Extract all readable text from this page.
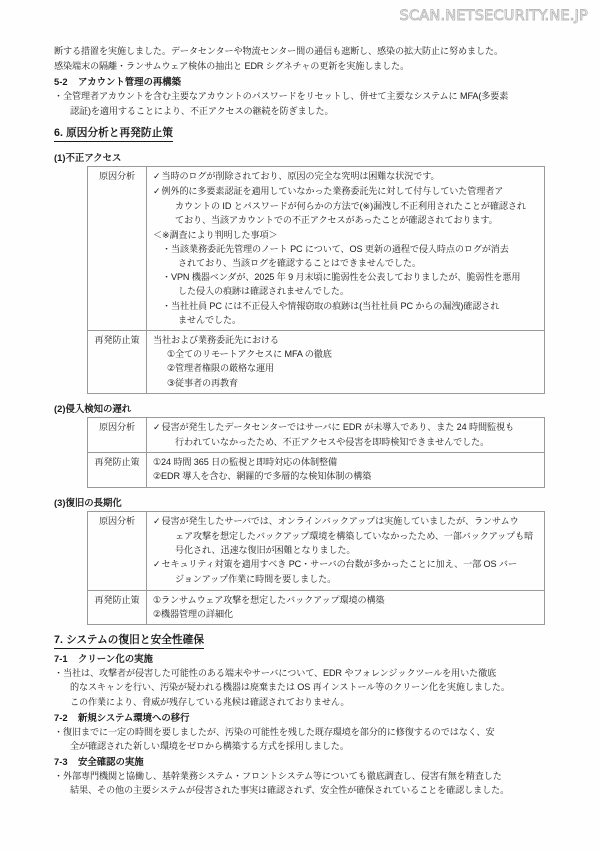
SCAN.NETSECURITY.NE.JP

断する措置を実施しました。データセンターや物流センター間の通信も遮断し、感染の拡大防止に努めました。

感染端末の隔離・ランサムウェア検体の抽出と EDR シグネチャの更新を実施しました。

5-2 アカウント管理の再構築

・全管理者アカウントを含む主要なアカウントのパスワードをリセットし、併せて主要なシステムに MFA(多要素
認証)を適用することにより、不正アクセスの継続を防ぎました。

6. 原因分析と再発防止策
(1)不正アクセス
原因分析	✓当時のログが削除されており、原因の完全な究明は困難な状況です。

✓例外的に多要素認証を適用していなかった業務委託先に対して付与していた管理者ア
カウントの ID とパスワードが何らかの方法で(※)漏洩し不正利用されたことが確認され
ており、当該アカウントでの不正アクセスがあったことが確認されております。

＜※調査により判明した事項＞

・当該業務委託先管理のノート PC について、OS 更新の過程で侵入時点のログが消去
されており、当該ログを確認することはできませんでした。

・VPN 機器ベンダが、2025 年 9 月末頃に脆弱性を公表しておりましたが、脆弱性を悪用
した侵入の痕跡は確認されませんでした。

・当社社員 PC には不正侵入や情報窃取の痕跡は(当社社員 PC からの漏洩)確認され
ませんでした。

再発防止策	当社および業務委託先における

①全てのリモートアクセスに MFA の徹底

②管理者権限の厳格な運用

③従事者の再教育

(2)侵入検知の遅れ
原因分析	✓侵害が発生したデータセンターではサーバに EDR が未導入であり、また 24 時間監視も
行われていなかったため、不正アクセスや侵害を即時検知できませんでした。

再発防止策	①24 時間 365 日の監視と即時対応の体制整備

②EDR 導入を含む、網羅的で多層的な検知体制の構築

(3)復旧の長期化
原因分析	✓侵害が発生したサーバでは、オンラインバックアップは実施していましたが、ランサムウ
ェア攻撃を想定したバックアップ環境を構築していなかったため、一部バックアップも暗
号化され、迅速な復旧が困難となりました。

✓セキュリティ対策を適用すべき PC・サーバの台数が多かったことに加え、一部 OS バー
ジョンアップ作業に時間を要しました。

再発防止策	①ランサムウェア攻撃を想定したバックアップ環境の構築

②機器管理の詳細化

7. システムの復旧と安全性確保
7-1 クリーン化の実施

・当社は、攻撃者が侵害した可能性のある端末やサーバについて、EDR やフォレンジックツールを用いた徹底
的なスキャンを行い、汚染が疑われる機器は廃棄または OS 再インストール等のクリーン化を実施しました。
この作業により、脅威が残存している兆候は確認されておりません。

7-2 新規システム環境への移行

・復旧までに一定の時間を要しましたが、汚染の可能性を残した既存環境を部分的に修復するのではなく、安
全が確認された新しい環境をゼロから構築する方式を採用しました。

7-3 安全確認の実施

・外部専門機関と協働し、基幹業務システム・フロントシステム等についても徹底調査し、侵害有無を精査した
結果、その他の主要システムが侵害された事実は確認されず、安全性が確保されていることを確認しました。
